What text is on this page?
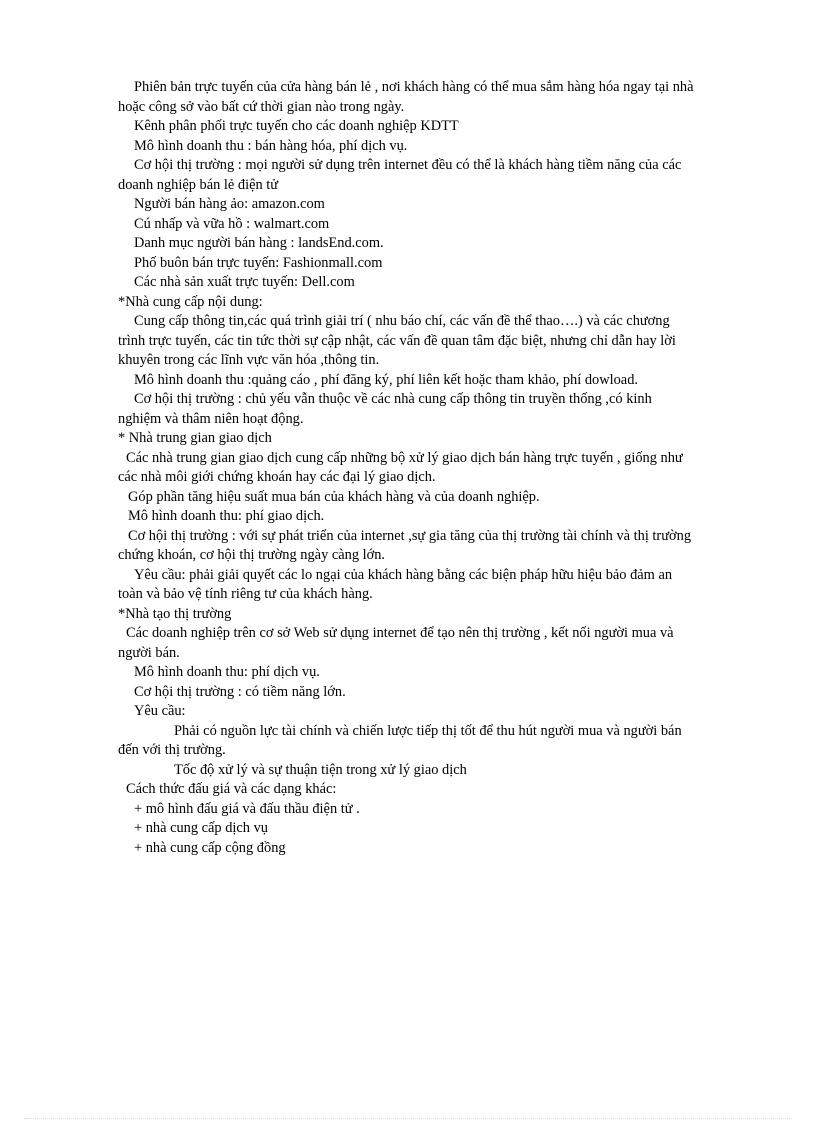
Phiên bản trực tuyến của cửa hàng bán lẻ , nơi khách hàng có thể mua sắm hàng hóa ngay tại nhà hoặc công sở vào bất cứ thời gian nào trong ngày.

Kênh phân phối trực tuyến cho các doanh nghiệp KDTT

Mô hình doanh thu : bán hàng hóa, phí dịch vụ.

Cơ hội thị trường : mọi người sử dụng trên internet đều có thể là khách hàng tiềm năng của các doanh nghiệp bán lẻ điện tử

Người bán hàng ảo: amazon.com

Cú nhấp và vữa hồ : walmart.com

Danh mục người bán hàng : landsEnd.com.

Phố buôn bán trực tuyến: Fashionmall.com

Các nhà sản xuất trực tuyến: Dell.com

*Nhà cung cấp nội dung:

Cung cấp thông tin,các quá trình giải trí ( nhu báo chí, các vấn đề thể thao….) và các chương trình trực tuyến, các tin tức thời sự cập nhật, các vấn đề quan tâm đặc biệt, nhưng chỉ dẫn hay lời khuyên trong các lĩnh vực văn hóa ,thông tin.

Mô hình doanh thu :quảng cáo , phí đăng ký, phí liên kết hoặc tham khảo, phí dowload.

Cơ hội thị trường : chủ yếu vẫn thuộc về các nhà cung cấp thông tin truyền thống ,có kinh nghiệm và thâm niên hoạt động.

* Nhà trung gian giao dịch

Các nhà trung gian giao dịch cung cấp những bộ xử lý giao dịch bán hàng trực tuyến , giống như các nhà môi giới chứng khoán hay các đại lý giao dịch.

Góp phần tăng hiệu suất mua bán của khách hàng và của doanh nghiệp.

Mô hình doanh thu: phí giao dịch.

Cơ hội thị trường : với sự phát triển của internet ,sự gia tăng của thị trường tài chính và thị trường chứng khoán, cơ hội thị trường ngày càng lớn.

Yêu cầu: phải giải quyết các lo ngại của khách hàng bằng các biện pháp hữu hiệu bảo đảm an toàn và bảo vệ tính riêng tư của khách hàng.

*Nhà tạo thị trường

Các doanh nghiệp trên cơ sở Web sử dụng internet để tạo nên thị trường , kết nối người mua và người bán.

Mô hình doanh thu: phí dịch vụ.

Cơ hội thị trường : có tiềm năng lớn.

Yêu cầu:

Phải có nguồn lực tài chính và chiến lược tiếp thị tốt để thu hút người mua và người bán đến với thị trường.

Tốc độ xử lý và sự thuận tiện trong xử lý giao dịch

Cách thức đấu giá và các dạng khác:

+ mô hình đấu giá và đấu thầu điện tử .

+ nhà cung cấp dịch vụ

+ nhà cung cấp cộng đồng
